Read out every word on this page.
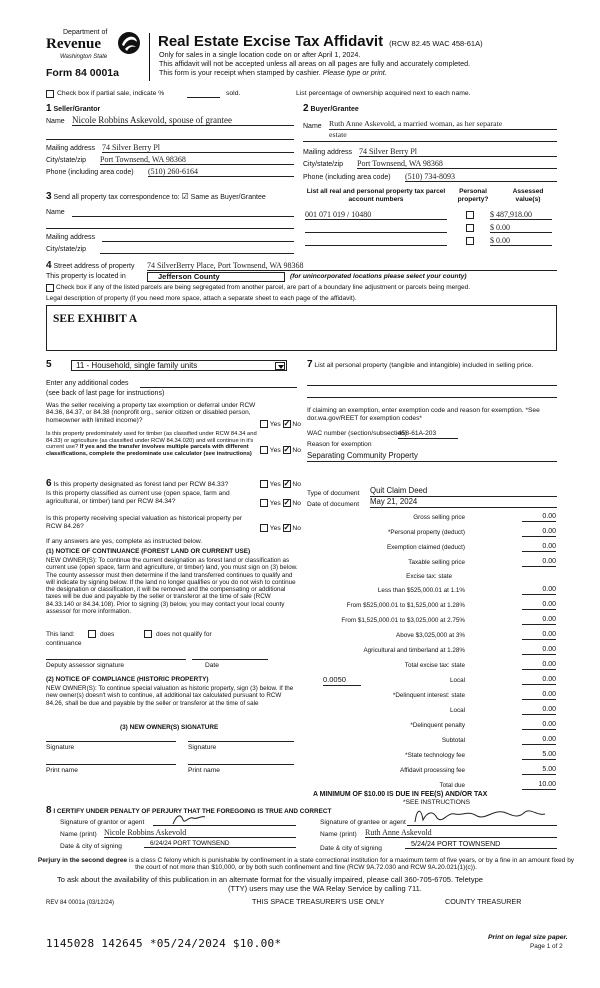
Department of
Revenue
Washington State
Form 84 0001a
Real Estate Excise Tax Affidavit (RCW 82.45 WAC 458-61A)
Only for sales in a single location code on or after April 1, 2024.
This affidavit will not be accepted unless all areas on all pages are fully and accurately completed.
This form is your receipt when stamped by cashier. Please type or print.
Check box if partial sale, indicate %	sold.	List percentage of ownership acquired next to each name.
1 Seller/Grantor
Name Nicole Robbins Askevold, spouse of grantee
Mailing address 74 Silver Berry Pl
City/state/zip Port Townsend, WA 98368
Phone (including area code) (510) 260-6164
2 Buyer/Grantee
Name Ruth Anne Askevold, a married woman, as her separate
estate
Mailing address 74 Silver Berry Pl
City/state/zip Port Townsend, WA 98368
Phone (including area code) (510) 734-8093
3 Send all property tax correspondence to: ☑ Same as Buyer/Grantee
Name
Mailing address
City/state/zip
List all real and personal property tax parcel account numbers
Personal property?
Assessed value(s)
001 071 019 / 10480	$ 487,918.00
$ 0.00
$ 0.00
4 Street address of property 74 SilverBerry Place, Port Townsend, WA 98368
This property is located in	Jefferson County	(for unincorporated locations please select your county)
Check box if any of the listed parcels are being segregated from another parcel, are part of a boundary line adjustment or parcels being merged.
Legal description of property (if you need more space, attach a separate sheet to each page of the affidavit).
SEE EXHIBIT A
5	11 - Household, single family units
Enter any additional codes
(see back of last page for instructions)
Was the seller receiving a property tax exemption or deferral under RCW 84.36, 84.37, or 84.38 (nonprofit org., senior citizen or disabled person, homeowner with limited income)?
Yes ✓ No
Is this property predominately used for timber (as classified under RCW 84.34 and 84.33) or agriculture (as classified under RCW 84.34.020) and will continue in it's current use? If yes and the transfer involves multiple parcels with different classifications, complete the predominate use calculator (see instructions)
Yes ✓ No
6 Is this property designated as forest land per RCW 84.33?	Yes ✓ No
Is this property classified as current use (open space, farm and agricultural, or timber) land per RCW 84.34?	Yes ✓ No
Is this property receiving special valuation as historical property per RCW 84.26?	Yes ✓ No
If any answers are yes, complete as instructed below.
(1) NOTICE OF CONTINUANCE (FOREST LAND OR CURRENT USE)
NEW OWNER(S): To continue the current designation as forest land or classification as current use (open space, farm and agriculture, or timber) land, you must sign on (3) below. The county assessor must then determine if the land transferred continues to qualify and will indicate by signing below. If the land no longer qualifies or you do not wish to continue the designation or classification, it will be removed and the compensating or additional taxes will be due and payable by the seller or transferor at the time of sale (RCW 84.33.140 or 84.34.108). Prior to signing (3) below, you may contact your local county assessor for more information.
This land:	does	does not qualify for
continuance
Deputy assessor signature	Date
(2) NOTICE OF COMPLIANCE (HISTORIC PROPERTY)
NEW OWNER(S): To continue special valuation as historic property, sign (3) below. If the new owner(s) doesn't wish to continue, all additional tax calculated pursuant to RCW 84.26, shall be due and payable by the seller or transferor at the time of sale
(3) NEW OWNER(S) SIGNATURE
Signature	Signature
Print name	Print name
7 List all personal property (tangible and intangible) included in selling price.
If claiming an exemption, enter exemption code and reason for exemption. *See dor.wa.gov/REET for exemption codes*
WAC number (section/subsection)
458-61A-203
Reason for exemption
Separating Community Property
Type of document Quit Claim Deed
Date of document May 21, 2024
Gross selling price	0.00
*Personal property (deduct)	0.00
Exemption claimed (deduct)	0.00
Taxable selling price	0.00
Excise tax: state
Less than $525,000.01 at 1.1%	0.00
From $525,000.01 to $1,525,000 at 1.28%	0.00
From $1,525,000.01 to $3,025,000 at 2.75%	0.00
Above $3,025,000 at 3%	0.00
Agricultural and timberland at 1.28%	0.00
Total excise tax: state	0.00
0.0050	Local	0.00
*Delinquent interest: state	0.00
Local	0.00
*Delinquent penalty	0.00
Subtotal	0.00
*State technology fee	5.00
Affidavit processing fee	5.00
Total due	10.00
A MINIMUM OF $10.00 IS DUE IN FEE(S) AND/OR TAX
*SEE INSTRUCTIONS
8 I CERTIFY UNDER PENALTY OF PERJURY THAT THE FOREGOING IS TRUE AND CORRECT
Signature of grantor or agent
Name (print) Nicole Robbins Askevold
Date & city of signing	6/24/24 PORT TOWNSEND
Signature of grantee or agent
Name (print) Ruth Anne Askevold
Date & city of signing
5/24/24 PORT TOWNSEND
Perjury in the second degree is a class C felony which is punishable by confinement in a state correctional institution for a maximum term of five years, or by a fine in an amount fixed by the court of not more than $10,000, or by both such confinement and fine (RCW 9A.72.030 and RCW 9A.20.021(1)(c)).
To ask about the availability of this publication in an alternate format for the visually impaired, please call 360-705-6705. Teletype
(TTY) users may use the WA Relay Service by calling 711.
REV 84 0001a (03/12/24)	THIS SPACE TREASURER'S USE ONLY	COUNTY TREASURER
1145028 142645 *05/24/2024 $10.00*	Print on legal size paper.
Page 1 of 2
